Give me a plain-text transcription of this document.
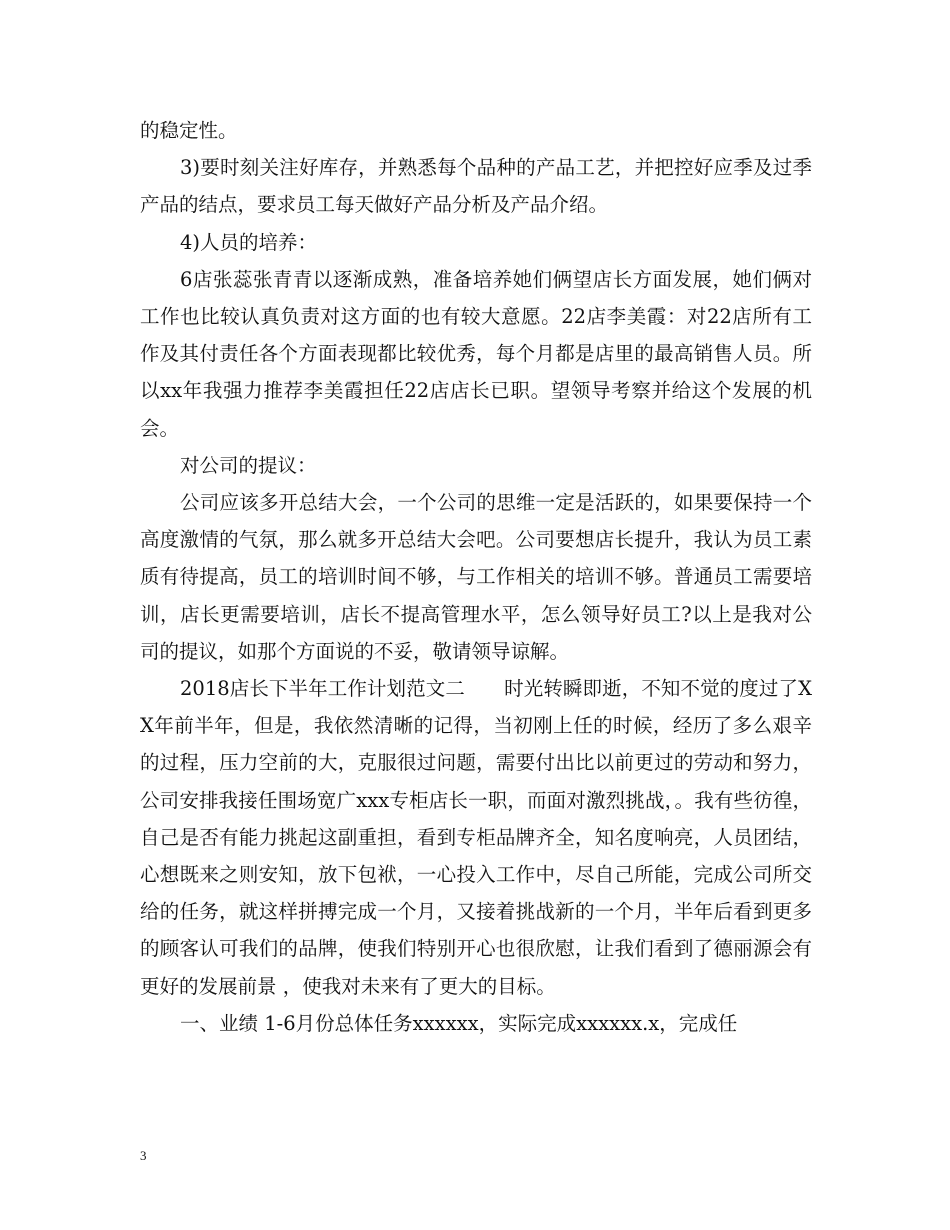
的稳定性。

3)要时刻关注好库存，并熟悉每个品种的产品工艺，并把控好应季及过季产品的结点，要求员工每天做好产品分析及产品介绍。

4)人员的培养：

6店张蕊张青青以逐渐成熟，准备培养她们俩望店长方面发展，她们俩对工作也比较认真负责对这方面的也有较大意愿。22店李美霞：对22店所有工作及其付责任各个方面表现都比较优秀，每个月都是店里的最高销售人员。所以xx年我强力推荐李美霞担任22店店长已职。望领导考察并给这个发展的机会。

对公司的提议：

公司应该多开总结大会，一个公司的思维一定是活跃的，如果要保持一个高度激情的气氛，那么就多开总结大会吧。公司要想店长提升，我认为员工素质有待提高，员工的培训时间不够，与工作相关的培训不够。普通员工需要培训，店长更需要培训，店长不提高管理水平，怎么领导好员工?以上是我对公司的提议，如那个方面说的不妥，敬请领导谅解。

2018店长下半年工作计划范文二　　时光转瞬即逝，不知不觉的度过了XX年前半年，但是，我依然清晰的记得，当初刚上任的时候，经历了多么艰辛的过程，压力空前的大，克服很过问题，需要付出比以前更过的劳动和努力，公司安排我接任围场宽广xxx专柜店长一职，而面对激烈挑战，。我有些彷徨，自己是否有能力挑起这副重担，看到专柜品牌齐全，知名度响亮，人员团结，心想既来之则安知，放下包袱，一心投入工作中，尽自己所能，完成公司所交给的任务，就这样拼搏完成一个月，又接着挑战新的一个月，半年后看到更多的顾客认可我们的品牌，使我们特别开心也很欣慰，让我们看到了德丽源会有更好的发展前景 ，使我对未来有了更大的目标。

一、业绩 1-6月份总体任务xxxxxx，实际完成xxxxxx.x，完成任

3
